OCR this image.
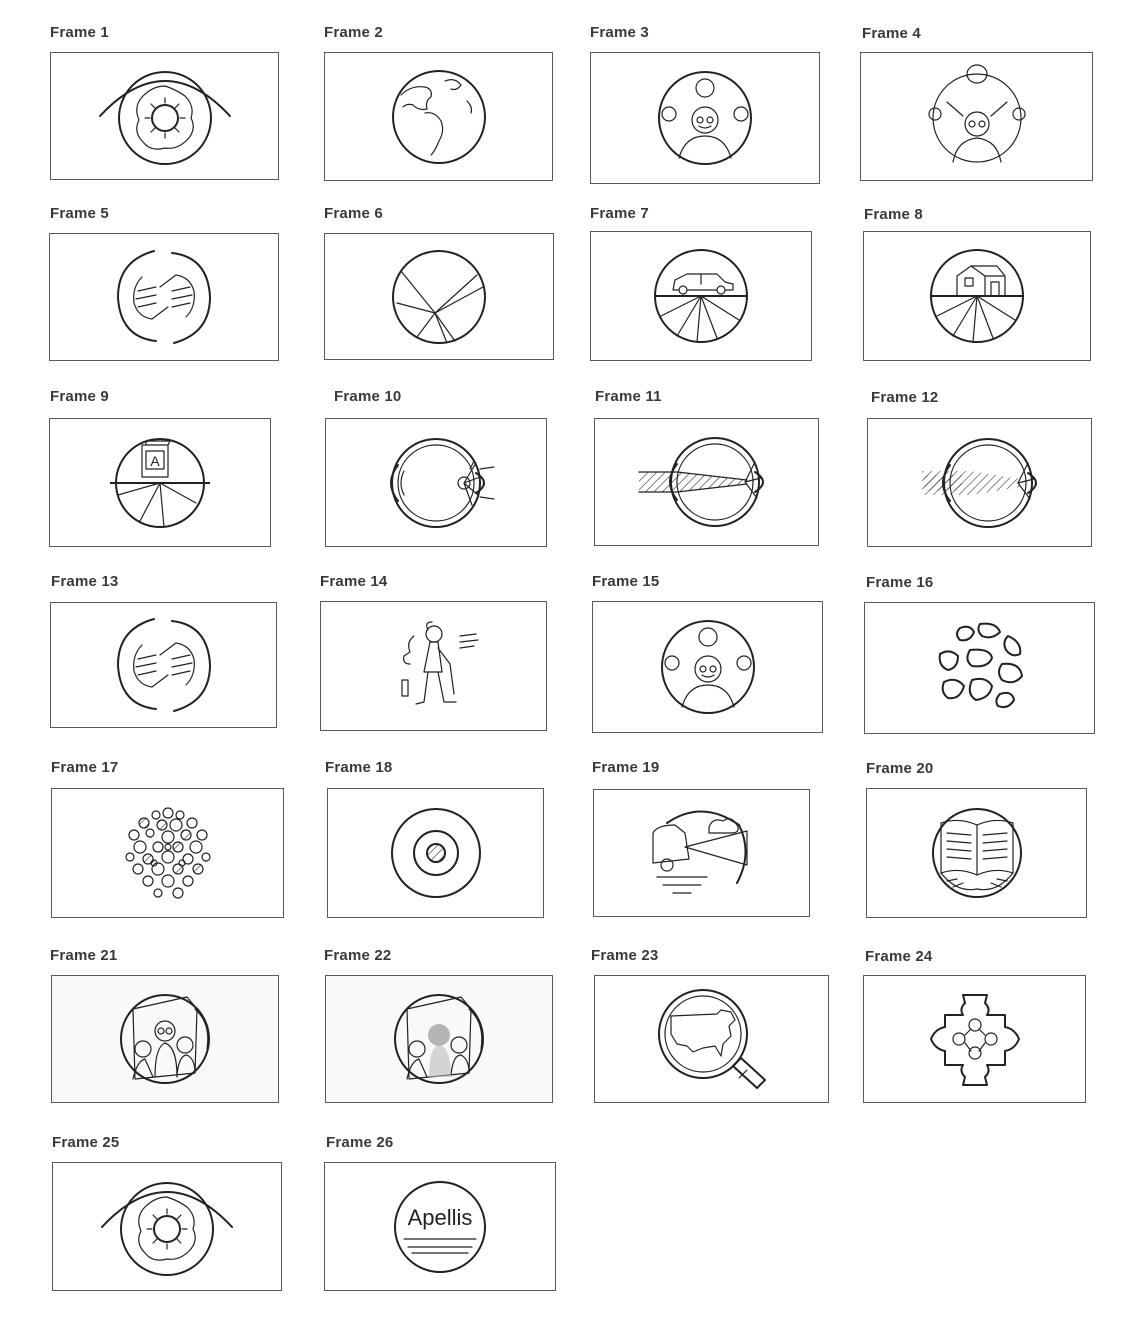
Frame 1	Frame 2	Frame 3	Frame 4
Frame 5	Frame 6	Frame 7	Frame 8
Frame 9
A
Frame 10	Frame 11	Frame 12
Frame 13	Frame 14	Frame 15	Frame 16
Frame 17	Frame 18	Frame 19	Frame 20
Frame 21	Frame 22	Frame 23	Frame 24
Frame 25	Frame 26
Apellis
